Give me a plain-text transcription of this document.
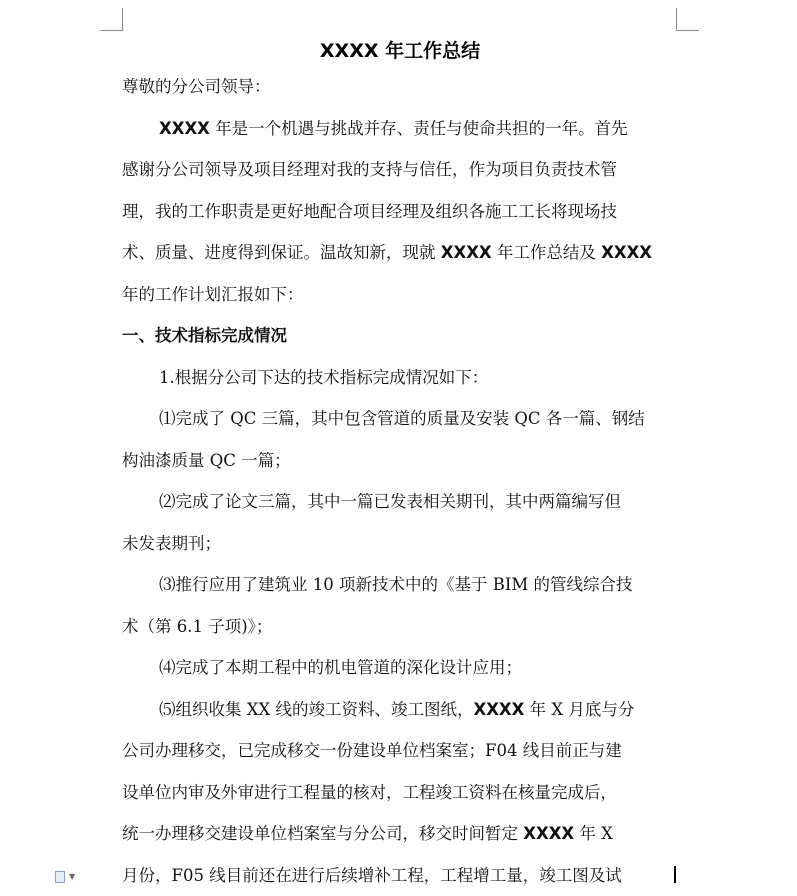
XXXX 年工作总结

尊敬的分公司领导：

XXXX 年是一个机遇与挑战并存、责任与使命共担的一年。首先

感谢分公司领导及项目经理对我的支持与信任，作为项目负责技术管

理，我的工作职责是更好地配合项目经理及组织各施工工长将现场技

术、质量、进度得到保证。温故知新，现就 XXXX 年工作总结及 XXXX

年的工作计划汇报如下：

一、技术指标完成情况

1.根据分公司下达的技术指标完成情况如下：

⑴完成了 QC 三篇，其中包含管道的质量及安装 QC 各一篇、钢结

构油漆质量 QC 一篇；

⑵完成了论文三篇，其中一篇已发表相关期刊，其中两篇编写但

未发表期刊；

⑶推行应用了建筑业 10 项新技术中的《基于 BIM 的管线综合技

术（第 6.1 子项)》；

⑷完成了本期工程中的机电管道的深化设计应用；

⑸组织收集 XX 线的竣工资料、竣工图纸，XXXX 年 X 月底与分

公司办理移交，已完成移交一份建设单位档案室；F04 线目前正与建

设单位内审及外审进行工程量的核对，工程竣工资料在核量完成后，

统一办理移交建设单位档案室与分公司，移交时间暂定 XXXX 年 X

月份，F05 线目前还在进行后续增补工程，工程增工量，竣工图及试

▼
